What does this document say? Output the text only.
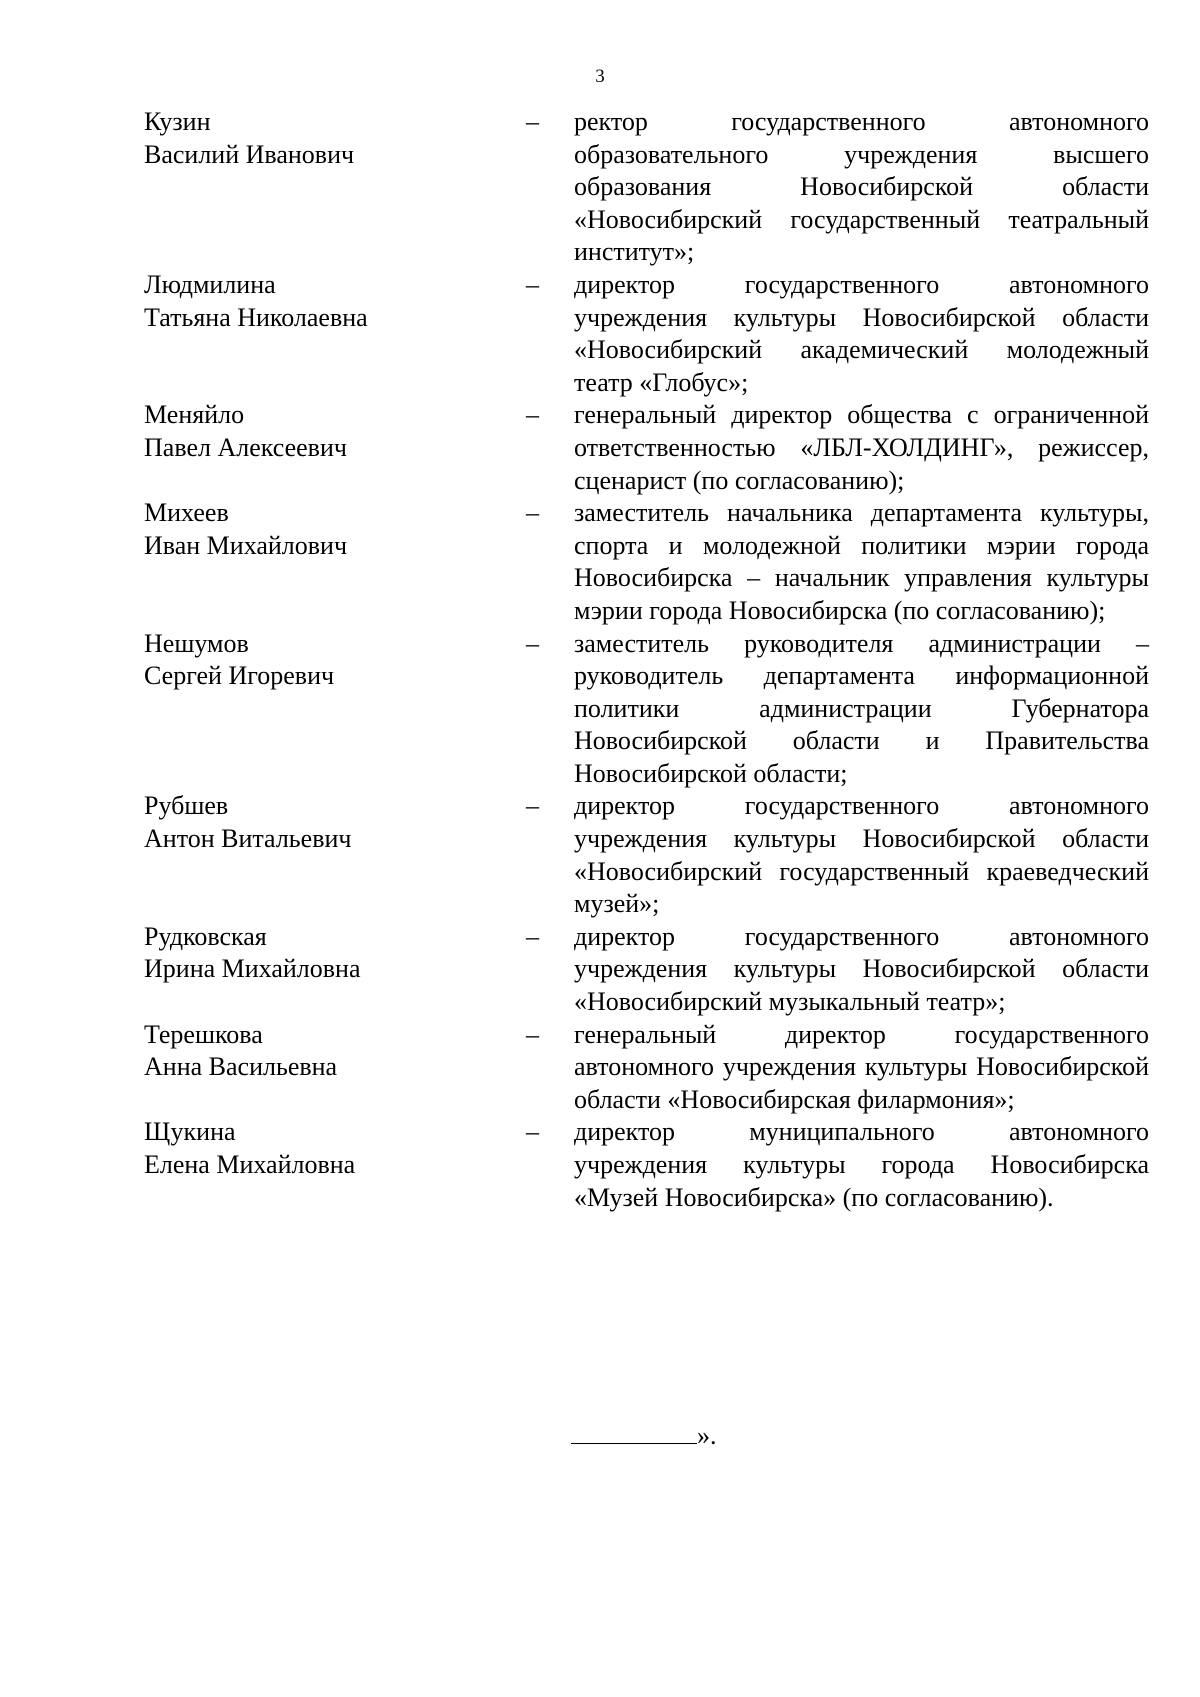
3
Кузин
Василий Иванович
– ректор государственного автономного образовательного учреждения высшего образования Новосибирской области «Новосибирский государственный театральный институт»;
Людмилина
Татьяна Николаевна
– директор государственного автономного учреждения культуры Новосибирской области «Новосибирский академический молодежный театр «Глобус»;
Меняйло
Павел Алексеевич
– генеральный директор общества с ограниченной ответственностью «ЛБЛ-ХОЛДИНГ», режиссер, сценарист (по согласованию);
Михеев
Иван Михайлович
– заместитель начальника департамента культуры, спорта и молодежной политики мэрии города Новосибирска – начальник управления культуры мэрии города Новосибирска (по согласованию);
Нешумов
Сергей Игоревич
– заместитель руководителя администрации – руководитель департамента информационной политики администрации Губернатора Новосибирской области и Правительства Новосибирской области;
Рубшев
Антон Витальевич
– директор государственного автономного учреждения культуры Новосибирской области «Новосибирский государственный краеведческий музей»;
Рудковская
Ирина Михайловна
– директор государственного автономного учреждения культуры Новосибирской области «Новосибирский музыкальный театр»;
Терешкова
Анна Васильевна
– генеральный директор государственного автономного учреждения культуры Новосибирской области «Новосибирская филармония»;
Щукина
Елена Михайловна
– директор муниципального автономного учреждения культуры города Новосибирска «Музей Новосибирска» (по согласованию).
».
